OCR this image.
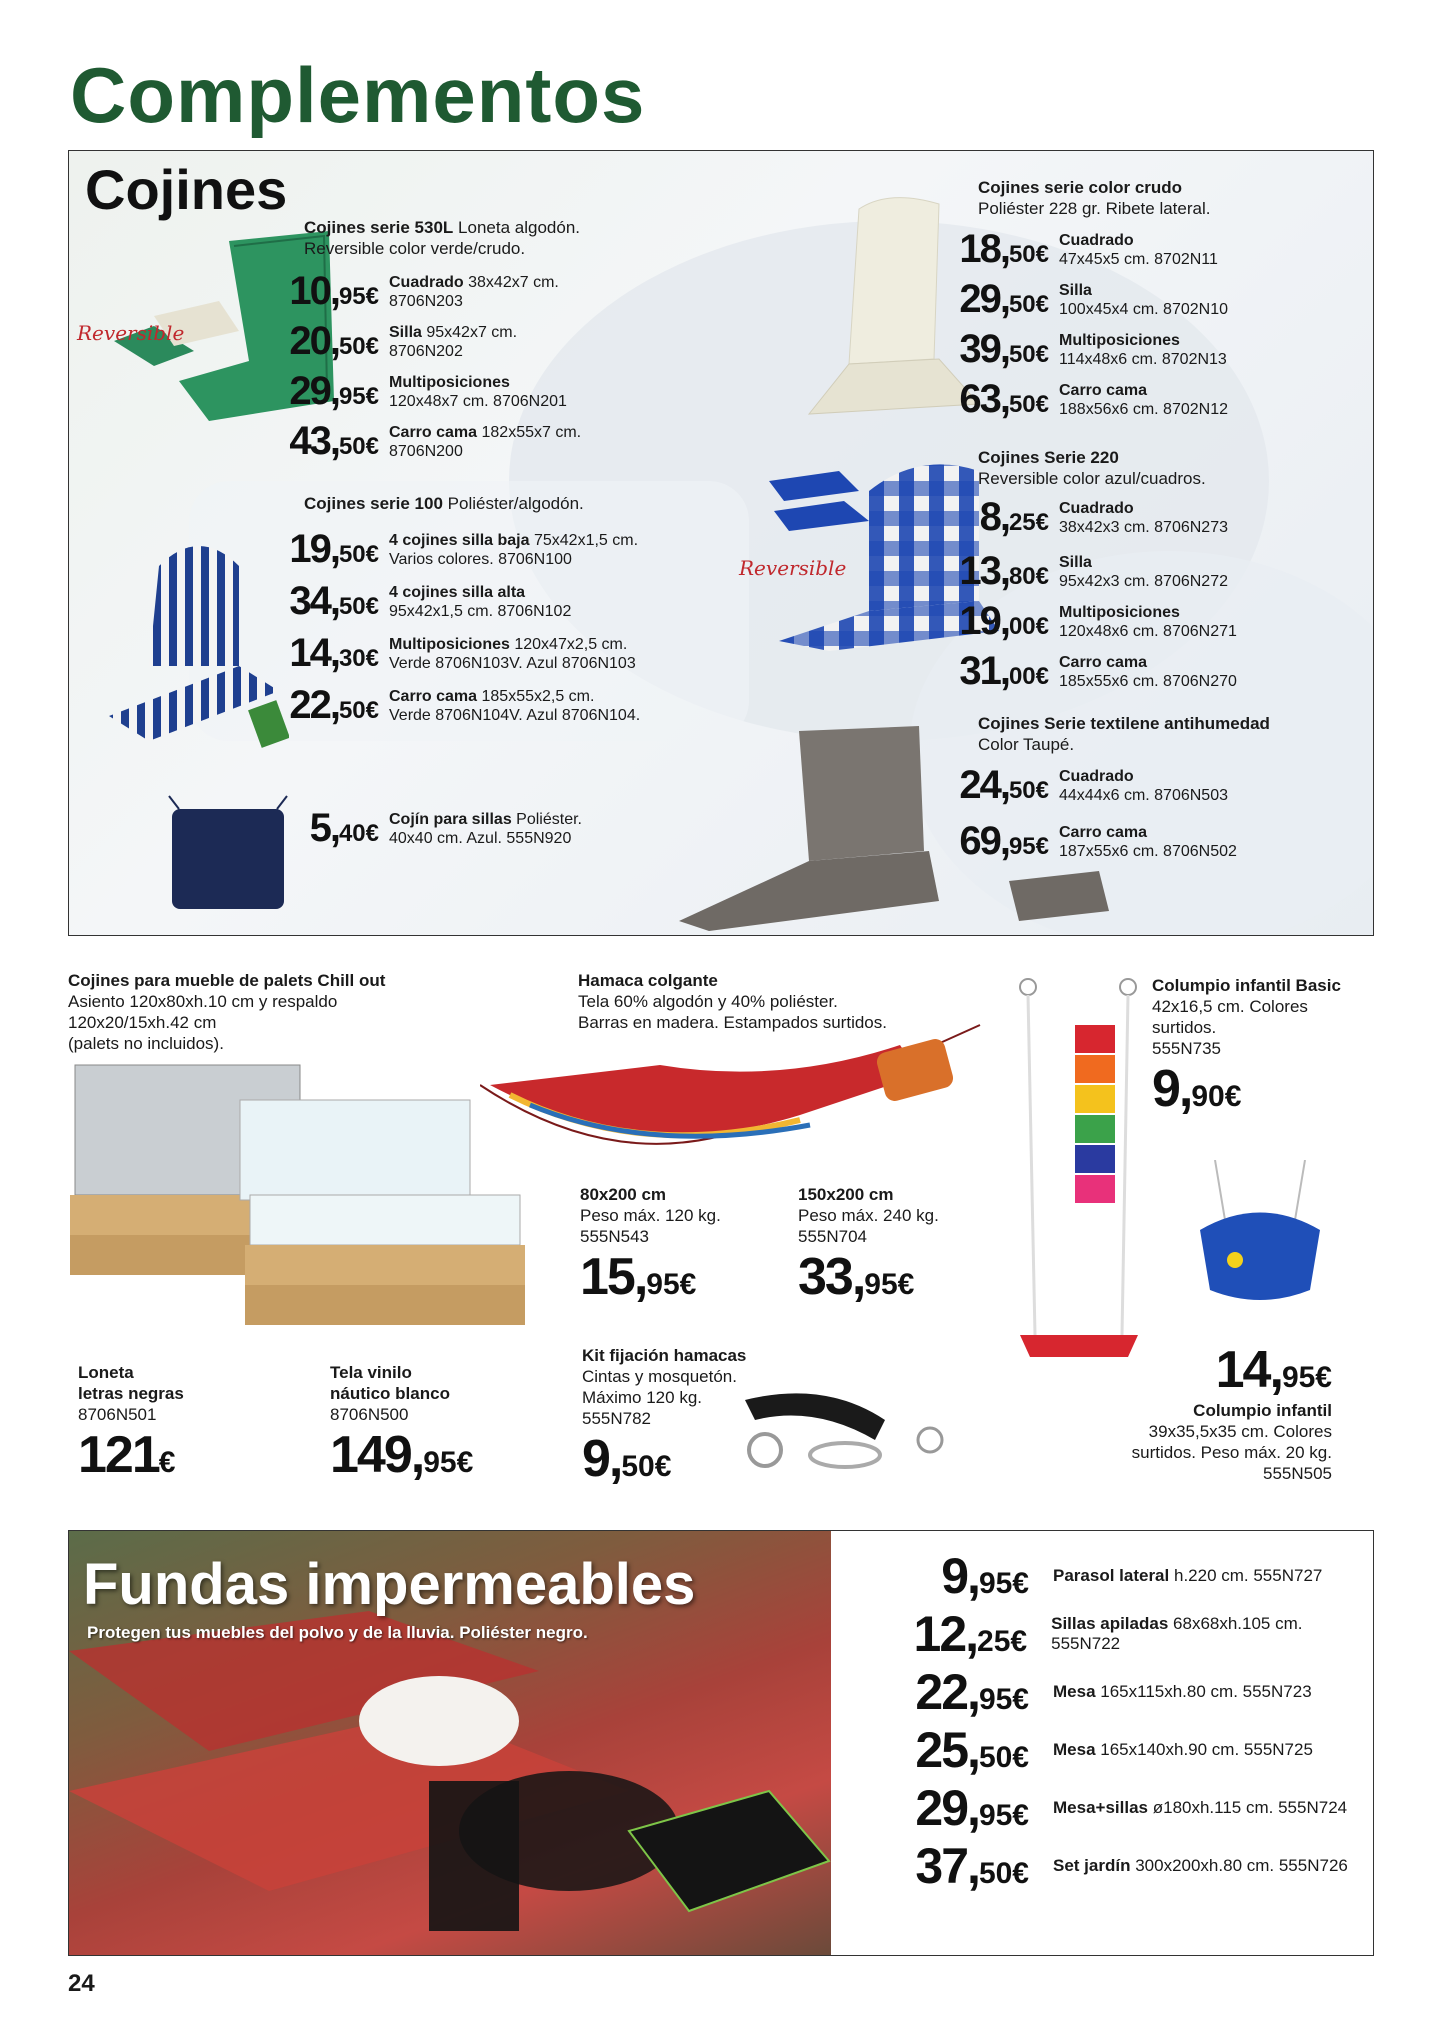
Complementos
Cojines
Reversible
Cojines serie 530L Loneta algodón.
Reversible color verde/crudo.
10,95€
Cuadrado 38x42x7 cm.
8706N203
20,50€
Silla 95x42x7 cm.
8706N202
29,95€
Multiposiciones
120x48x7 cm. 8706N201
43,50€
Carro cama 182x55x7 cm.
8706N200
Cojines serie 100 Poliéster/algodón.
19,50€
4 cojines silla baja 75x42x1,5 cm.
Varios colores. 8706N100
34,50€
4 cojines silla alta
95x42x1,5 cm. 8706N102
14,30€
Multiposiciones 120x47x2,5 cm.
Verde 8706N103V. Azul 8706N103
22,50€
Carro cama 185x55x2,5 cm.
Verde 8706N104V. Azul 8706N104.
5,40€
Cojín para sillas Poliéster.
40x40 cm. Azul. 555N920
Reversible
Cojines serie color crudo
Poliéster 228 gr. Ribete lateral.
18,50€
Cuadrado
47x45x5 cm. 8702N11
29,50€
Silla
100x45x4 cm. 8702N10
39,50€
Multiposiciones
114x48x6 cm. 8702N13
63,50€
Carro cama
188x56x6 cm. 8702N12
Cojines Serie 220
Reversible color azul/cuadros.
8,25€
Cuadrado
38x42x3 cm. 8706N273
13,80€
Silla
95x42x3 cm. 8706N272
19,00€
Multiposiciones
120x48x6 cm. 8706N271
31,00€
Carro cama
185x55x6 cm. 8706N270
Cojines Serie textilene antihumedad
Color Taupé.
24,50€
Cuadrado
44x44x6 cm. 8706N503
69,95€
Carro cama
187x55x6 cm. 8706N502
Cojines para mueble de palets Chill out
Asiento 120x80xh.10 cm y respaldo
120x20/15xh.42 cm
(palets no incluidos).
Loneta
letras negras
8706N501
121€
Tela vinilo
náutico blanco
8706N500
149,95€
Hamaca colgante
Tela 60% algodón y 40% poliéster.
Barras en madera. Estampados surtidos.
80x200 cm
Peso máx. 120 kg.
555N543
15,95€
150x200 cm
Peso máx. 240 kg.
555N704
33,95€
Kit fijación hamacas
Cintas y mosquetón.
Máximo 120 kg.
555N782
9,50€
Columpio infantil Basic
42x16,5 cm. Colores
surtidos.
555N735
9,90€
14,95€
Columpio infantil
39x35,5x35 cm. Colores
surtidos. Peso máx. 20 kg.
555N505
Fundas impermeables
Protegen tus muebles del polvo y de la lluvia. Poliéster negro.
9,95€ Parasol lateral h.220 cm. 555N727
12,25€
Sillas apiladas 68x68xh.105 cm. 555N722
22,95€ Mesa 165x115xh.80 cm. 555N723
25,50€ Mesa 165x140xh.90 cm. 555N725
29,95€ Mesa+sillas ø180xh.115 cm. 555N724
37,50€ Set jardín 300x200xh.80 cm. 555N726
24
